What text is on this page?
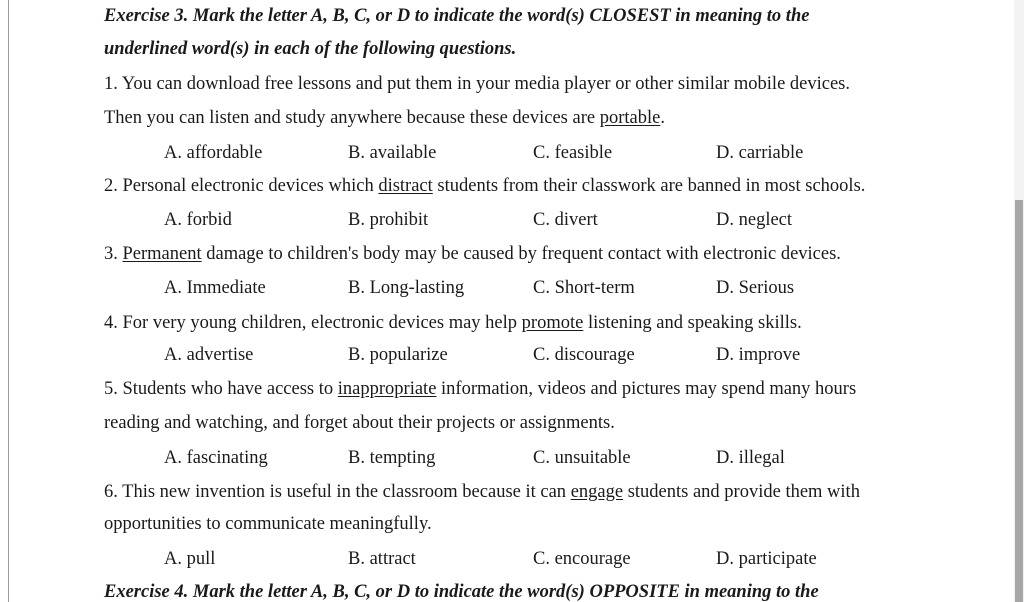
Exercise 3. Mark the letter A, B, C, or D to indicate the word(s) CLOSEST in meaning to the
underlined word(s) in each of the following questions.
1. You can download free lessons and put them in your media player or other similar mobile devices.
Then you can listen and study anywhere because these devices are portable.
A. affordable	B. available	C. feasible	D. carriable
2. Personal electronic devices which distract students from their classwork are banned in most schools.
A. forbid	B. prohibit	C. divert	D. neglect
3. Permanent damage to children's body may be caused by frequent contact with electronic devices.
A. Immediate	B. Long-lasting	C. Short-term	D. Serious
4. For very young children, electronic devices may help promote listening and speaking skills.
A. advertise	B. popularize	C. discourage	D. improve
5. Students who have access to inappropriate information, videos and pictures may spend many hours
reading and watching, and forget about their projects or assignments.
A. fascinating	B. tempting	C. unsuitable	D. illegal
6. This new invention is useful in the classroom because it can engage students and provide them with
opportunities to communicate meaningfully.
A. pull	B. attract	C. encourage	D. participate
Exercise 4. Mark the letter A, B, C, or D to indicate the word(s) OPPOSITE in meaning to the
